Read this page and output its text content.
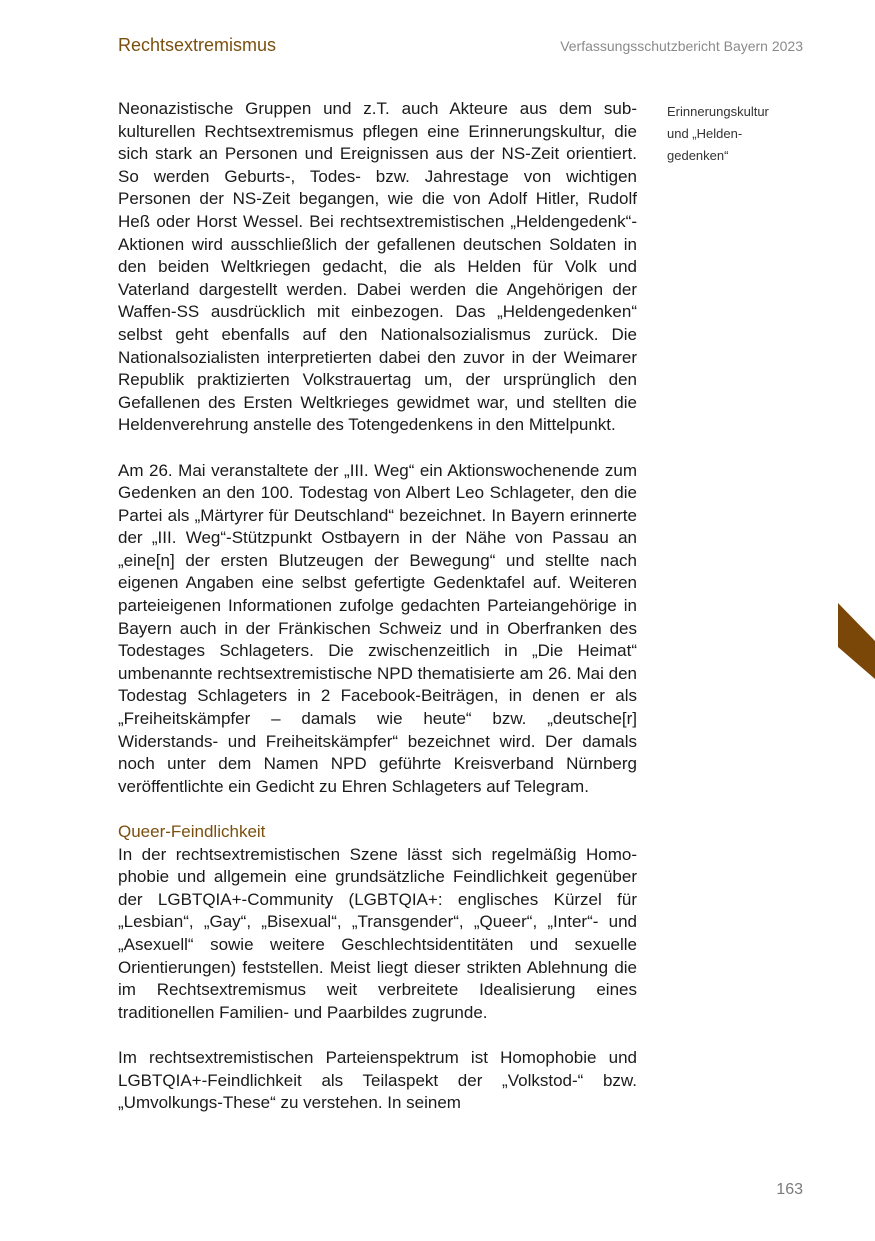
Rechtsextremismus	Verfassungsschutzbericht Bayern 2023

Neonazistische Gruppen und z.T. auch Akteure aus dem subkulturellen Rechtsextremismus pflegen eine Erinnerungskultur, die sich stark an Personen und Ereignissen aus der NS-Zeit orientiert. So werden Geburts-, Todes- bzw. Jahrestage von wichtigen Personen der NS-Zeit begangen, wie die von Adolf Hitler, Rudolf Heß oder Horst Wessel. Bei rechtsextremistischen „Heldengedenk“-Aktionen wird ausschließlich der gefallenen deutschen Soldaten in den beiden Weltkriegen gedacht, die als Helden für Volk und Vaterland dargestellt werden. Dabei werden die Angehörigen der Waffen-SS ausdrücklich mit einbezogen. Das „Heldengedenken“ selbst geht ebenfalls auf den Nationalsozialismus zurück. Die Nationalsozialisten interpretierten dabei den zuvor in der Weimarer Republik praktizierten Volkstrauertag um, der ursprünglich den Gefallenen des Ersten Weltkrieges gewidmet war, und stellten die Heldenverehrung anstelle des Totengedenkens in den Mittelpunkt.

Am 26. Mai veranstaltete der „III. Weg“ ein Aktionswochenende zum Gedenken an den 100. Todestag von Albert Leo Schlageter, den die Partei als „Märtyrer für Deutschland“ bezeichnet. In Bayern erinnerte der „III. Weg“-Stützpunkt Ostbayern in der Nähe von Passau an „eine[n] der ersten Blutzeugen der Bewegung“ und stellte nach eigenen Angaben eine selbst gefertigte Gedenktafel auf. Weiteren parteieigenen Informationen zufolge gedachten Parteiangehörige in Bayern auch in der Fränkischen Schweiz und in Oberfranken des Todestages Schlageters. Die zwischenzeitlich in „Die Heimat“ umbenannte rechtsextremistische NPD thematisierte am 26. Mai den Todestag Schlageters in 2 Facebook-Beiträgen, in denen er als „Freiheitskämpfer – damals wie heute“ bzw. „deutsche[r] Widerstands- und Freiheitskämpfer“ bezeichnet wird. Der damals noch unter dem Namen NPD geführte Kreisverband Nürnberg veröffentlichte ein Gedicht zu Ehren Schlageters auf Telegram.

Queer-Feindlichkeit

In der rechtsextremistischen Szene lässt sich regelmäßig Homophobie und allgemein eine grundsätzliche Feindlichkeit gegenüber der LGBTQIA+-Community (LGBTQIA+: englisches Kürzel für „Lesbian“, „Gay“, „Bisexual“, „Transgender“, „Queer“, „Inter“- und „Asexuell“ sowie weitere Geschlechtsidentitäten und sexuelle Orientierungen) feststellen. Meist liegt dieser strikten Ablehnung die im Rechtsextremismus weit verbreitete Idealisierung eines traditionellen Familien- und Paarbildes zugrunde.

Im rechtsextremistischen Parteienspektrum ist Homophobie und LGBTQIA+-Feindlichkeit als Teilaspekt der „Volkstod-“ bzw. „Umvolkungs-These“ zu verstehen. In seinem

Erinnerungskultur
und „Helden-
gedenken“
163
